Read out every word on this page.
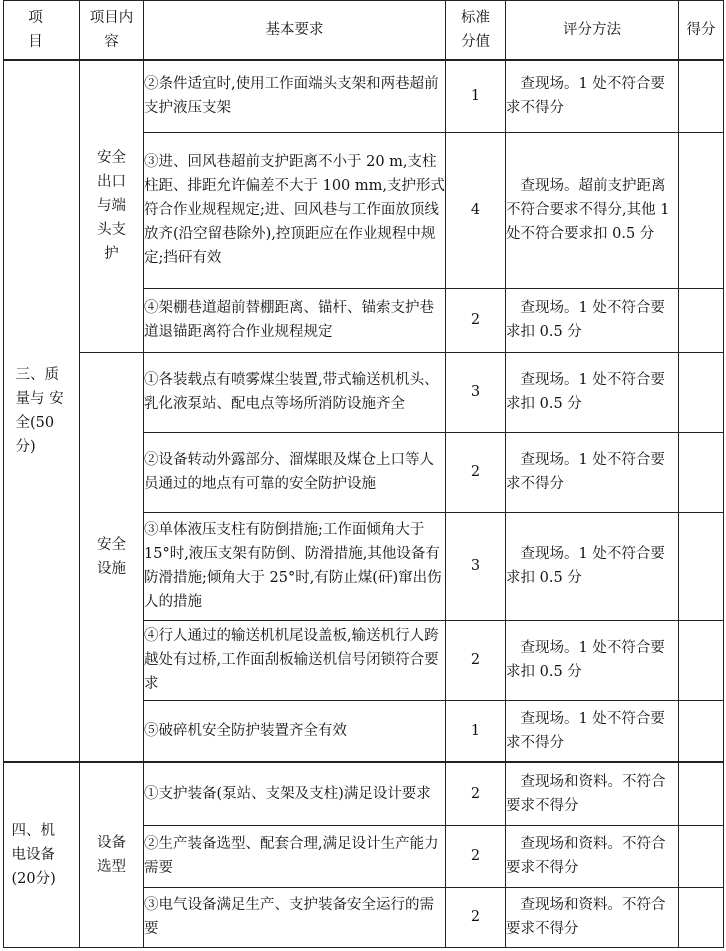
项　目	项目内容	基本要求	标准分值	评分方法	得分

三、质量与 安 全(50 分)	安全出口与端头支护	②条件适宜时,使用工作面端头支架和两巷超前支护液压支架	1	　查现场。1 处不符合要求不得分	
		③进、回风巷超前支护距离不小于 20 m,支柱柱距、排距允许偏差不大于 100 mm,支护形式符合作业规程规定;进、回风巷与工作面放顶线放齐(沿空留巷除外),控顶距应在作业规程中规定;挡矸有效	4	　查现场。超前支护距离不符合要求不得分,其他 1 处不符合要求扣 0.5 分	
		④架棚巷道超前替棚距离、锚杆、锚索支护巷道退锚距离符合作业规程规定	2	　查现场。1 处不符合要求扣 0.5 分	

	安全设施	①各装载点有喷雾煤尘装置,带式输送机机头、乳化液泵站、配电点等场所消防设施齐全	3	　查现场。1 处不符合要求扣 0.5 分	
		②设备转动外露部分、溜煤眼及煤仓上口等人员通过的地点有可靠的安全防护设施	2	　查现场。1 处不符合要求不得分	
		③单体液压支柱有防倒措施;工作面倾角大于 15°时,液压支架有防倒、防滑措施,其他设备有防滑措施;倾角大于 25°时,有防止煤(矸)窜出伤人的措施	3	　查现场。1 处不符合要求扣 0.5 分	
		④行人通过的输送机机尾设盖板,输送机行人跨越处有过桥,工作面刮板输送机信号闭锁符合要求	2	　查现场。1 处不符合要求扣 0.5 分	
		⑤破碎机安全防护装置齐全有效	1	　查现场。1 处不符合要求不得分	

四、机 电设备(20分)	设备选型	①支护装备(泵站、支架及支柱)满足设计要求	2	　查现场和资料。不符合要求不得分	
		②生产装备选型、配套合理,满足设计生产能力需要	2	　查现场和资料。不符合要求不得分	
		③电气设备满足生产、支护装备安全运行的需要	2	　查现场和资料。不符合要求不得分	
